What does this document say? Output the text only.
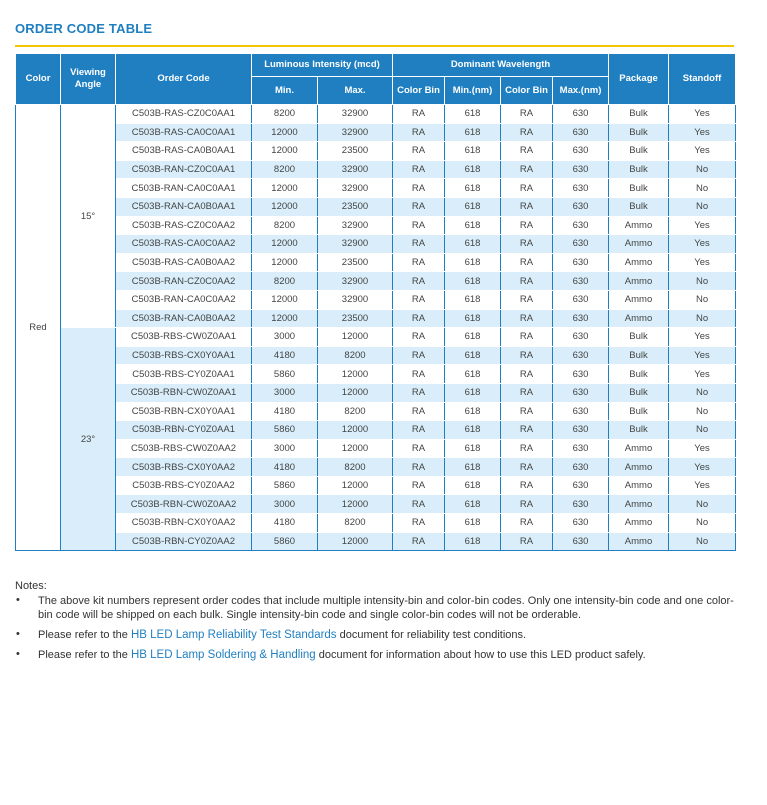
ORDER CODE TABLE
Color	Viewing Angle	Order Code	Luminous Intensity (mcd)		Dominant Wavelength				Package	Standoff
			Min.	Max.	Color Bin	Min.(nm)	Color Bin	Max.(nm)		
Red	15°	C503B-RAS-CZ0C0AA1	8200	32900	RA	618	RA	630	Bulk	Yes
		C503B-RAS-CA0C0AA1	12000	32900	RA	618	RA	630	Bulk	Yes
		C503B-RAS-CA0B0AA1	12000	23500	RA	618	RA	630	Bulk	Yes
		C503B-RAN-CZ0C0AA1	8200	32900	RA	618	RA	630	Bulk	No
		C503B-RAN-CA0C0AA1	12000	32900	RA	618	RA	630	Bulk	No
		C503B-RAN-CA0B0AA1	12000	23500	RA	618	RA	630	Bulk	No
		C503B-RAS-CZ0C0AA2	8200	32900	RA	618	RA	630	Ammo	Yes
		C503B-RAS-CA0C0AA2	12000	32900	RA	618	RA	630	Ammo	Yes
		C503B-RAS-CA0B0AA2	12000	23500	RA	618	RA	630	Ammo	Yes
		C503B-RAN-CZ0C0AA2	8200	32900	RA	618	RA	630	Ammo	No
		C503B-RAN-CA0C0AA2	12000	32900	RA	618	RA	630	Ammo	No
		C503B-RAN-CA0B0AA2	12000	23500	RA	618	RA	630	Ammo	No
	23°	C503B-RBS-CW0Z0AA1	3000	12000	RA	618	RA	630	Bulk	Yes
		C503B-RBS-CX0Y0AA1	4180	8200	RA	618	RA	630	Bulk	Yes
		C503B-RBS-CY0Z0AA1	5860	12000	RA	618	RA	630	Bulk	Yes
		C503B-RBN-CW0Z0AA1	3000	12000	RA	618	RA	630	Bulk	No
		C503B-RBN-CX0Y0AA1	4180	8200	RA	618	RA	630	Bulk	No
		C503B-RBN-CY0Z0AA1	5860	12000	RA	618	RA	630	Bulk	No
		C503B-RBS-CW0Z0AA2	3000	12000	RA	618	RA	630	Ammo	Yes
		C503B-RBS-CX0Y0AA2	4180	8200	RA	618	RA	630	Ammo	Yes
		C503B-RBS-CY0Z0AA2	5860	12000	RA	618	RA	630	Ammo	Yes
		C503B-RBN-CW0Z0AA2	3000	12000	RA	618	RA	630	Ammo	No
		C503B-RBN-CX0Y0AA2	4180	8200	RA	618	RA	630	Ammo	No
		C503B-RBN-CY0Z0AA2	5860	12000	RA	618	RA	630	Ammo	No
Notes:
• The above kit numbers represent order codes that include multiple intensity-bin and color-bin codes. Only one intensity-bin code and one color-bin code will be shipped on each bulk. Single intensity-bin code and single color-bin codes will not be orderable.
• Please refer to the HB LED Lamp Reliability Test Standards document for reliability test conditions.
• Please refer to the HB LED Lamp Soldering & Handling document for information about how to use this LED product safely.
